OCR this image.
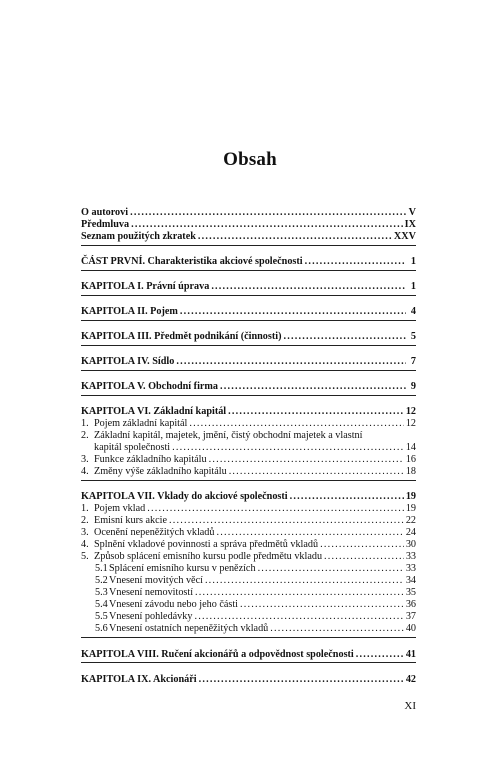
Obsah
O autorovi .....	V
Předmluva .....	IX
Seznam použitých zkratek .....	XXV
ČÁST PRVNÍ. Charakteristika akciové společnosti .....	1
KAPITOLA I. Právní úprava .....	1
KAPITOLA II. Pojem .....	4
KAPITOLA III. Předmět podnikání (činnosti) .....	5
KAPITOLA IV. Sídlo .....	7
KAPITOLA V. Obchodní firma .....	9
KAPITOLA VI. Základní kapitál .....	12
1. Pojem základní kapitál .....	12
2. Základní kapitál, majetek, jmění, čistý obchodní majetek a vlastní
kapitál společnosti .....	14
3. Funkce základního kapitálu .....	16
4. Změny výše základního kapitálu .....	18
KAPITOLA VII. Vklady do akciové společnosti .....	19
1. Pojem vklad .....	19
2. Emisní kurs akcie .....	22
3. Ocenění nepeněžitých vkladů .....	24
4. Splnění vkladové povinnosti a správa předmětů vkladů .....	30
5. Způsob splácení emisního kursu podle předmětu vkladu .....	33
5.1 Splácení emisního kursu v penězích .....	33
5.2 Vnesení movitých věcí .....	34
5.3 Vnesení nemovitostí .....	35
5.4 Vnesení závodu nebo jeho části .....	36
5.5 Vnesení pohledávky .....	37
5.6 Vnesení ostatních nepeněžitých vkladů .....	40
KAPITOLA VIII. Ručení akcionářů a odpovědnost společnosti .....	41
KAPITOLA IX. Akcionáři .....	42
XI
